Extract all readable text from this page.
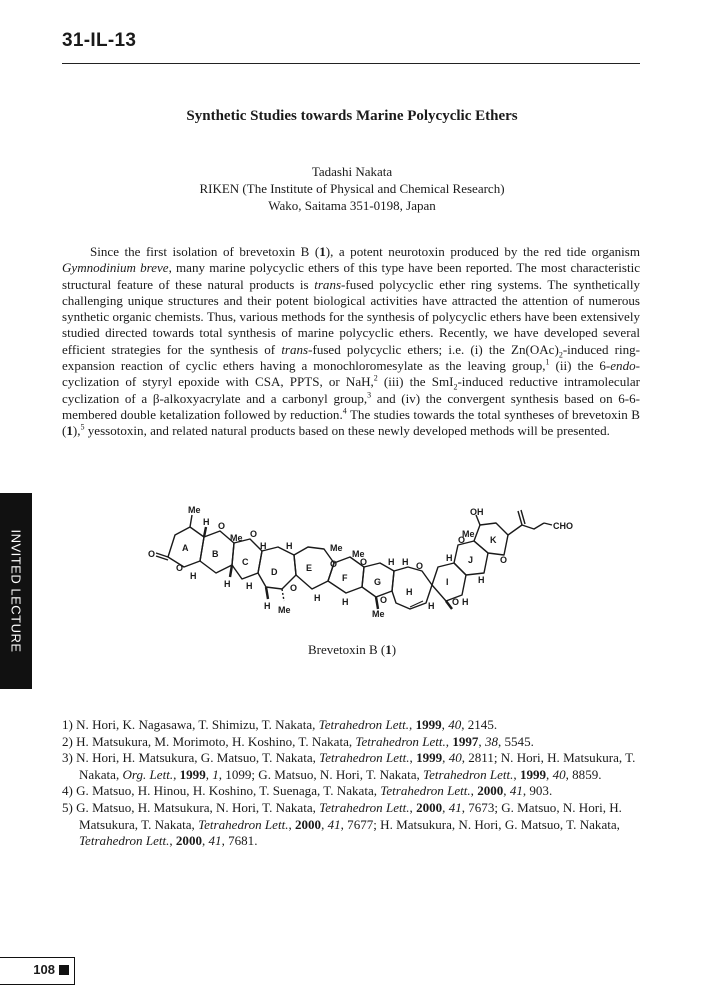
31-IL-13
Synthetic Studies towards Marine Polycyclic Ethers
Tadashi Nakata
RIKEN (The Institute of Physical and Chemical Research)
Wako, Saitama 351-0198, Japan

Since the first isolation of brevetoxin B (1), a potent neurotoxin produced by the red tide organism Gymnodinium breve, many marine polycyclic ethers of this type have been reported. The most characteristic structural feature of these natural products is trans-fused polycyclic ether ring systems. The synthetically challenging unique structures and their potent biological activities have attracted the attention of numerous synthetic organic chemists. Thus, various methods for the synthesis of polycyclic ethers have been extensively studied directed towards total synthesis of marine polycyclic ethers. Recently, we have developed several efficient strategies for the synthesis of trans-fused polycyclic ethers; i.e. (i) the $Zn(OAc)_2$-induced ring-expansion reaction of cyclic ethers having a monochloromesylate as the leaving group,$^1$ (ii) the 6-endo-cyclization of styryl epoxide with CSA, PPTS, or NaH,$^2$ (iii) the SmI$_2$-induced reductive intramolecular cyclization of a β-alkoxyacrylate and a carbonyl group,$^3$ and (iv) the convergent synthesis based on 6-6-membered double ketalization followed by reduction.$^4$ The studies towards the total syntheses of brevetoxin B (1),$^5$ yessotoxin, and related natural products based on these newly developed methods will be presented.

INVITED LECTURE	A
B
C
D	E
F	G
H
I
J
K
O
O
Me
H O
Me
H
H
O
H
H
H
O
H Me
Me
O
H
Me
O
H	O
Me
H H O
O H
H
H
O
Me
H
OH
O
CHO
Brevetoxin B (1)
1) N. Hori, K. Nagasawa, T. Shimizu, T. Nakata, Tetrahedron Lett., 1999, 40, 2145.
2) H. Matsukura, M. Morimoto, H. Koshino, T. Nakata, Tetrahedron Lett., 1997, 38, 5545.
3) N. Hori, H. Matsukura, G. Matsuo, T. Nakata, Tetrahedron Lett., 1999, 40, 2811; N. Hori, H. Matsukura, T. Nakata, Org. Lett., 1999, 1, 1099; G. Matsuo, N. Hori, T. Nakata, Tetrahedron Lett., 1999, 40, 8859.
4) G. Matsuo, H. Hinou, H. Koshino, T. Suenaga, T. Nakata, Tetrahedron Lett., 2000, 41, 903.
5) G. Matsuo, H. Matsukura, N. Hori, T. Nakata, Tetrahedron Lett., 2000, 41, 7673; G. Matsuo, N. Hori, H. Matsukura, T. Nakata, Tetrahedron Lett., 2000, 41, 7677; H. Matsukura, N. Hori, G. Matsuo, T. Nakata, Tetrahedron Lett., 2000, 41, 7681.
108
